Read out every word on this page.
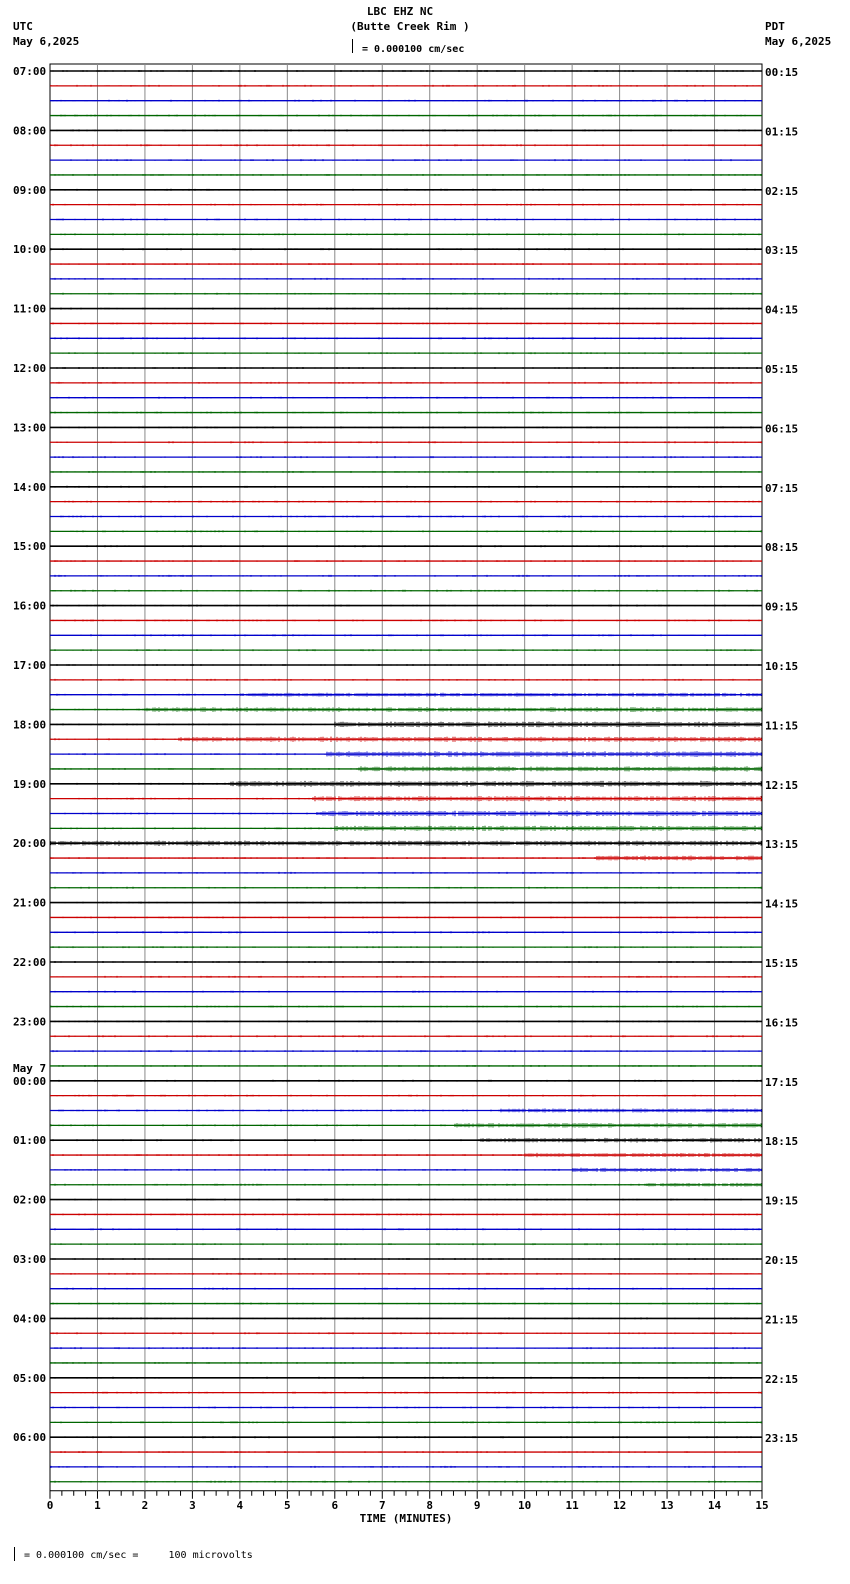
LBC EHZ NC
(Butte Creek Rim )
= 0.000100 cm/sec
UTC
May 6,2025
PDT
May 6,2025
07:00
08:00
09:00
10:00
11:00
12:00
13:00
14:00
15:00
16:00
17:00
18:00
19:00
20:00
21:00
22:00
23:00
00:00
01:00
02:00
03:00
04:00
05:00
06:00
May 7
00:15
01:15
02:15
03:15
04:15
05:15
06:15
07:15
08:15
09:15
10:15
11:15
12:15
13:15
14:15
15:15
16:15
17:15
18:15
19:15
20:15
21:15
22:15
23:15
0	1	2	3	4	5	6	7	8	9	10	11	12	13	14	15
TIME (MINUTES)
= 0.000100 cm/sec =     100 microvolts
